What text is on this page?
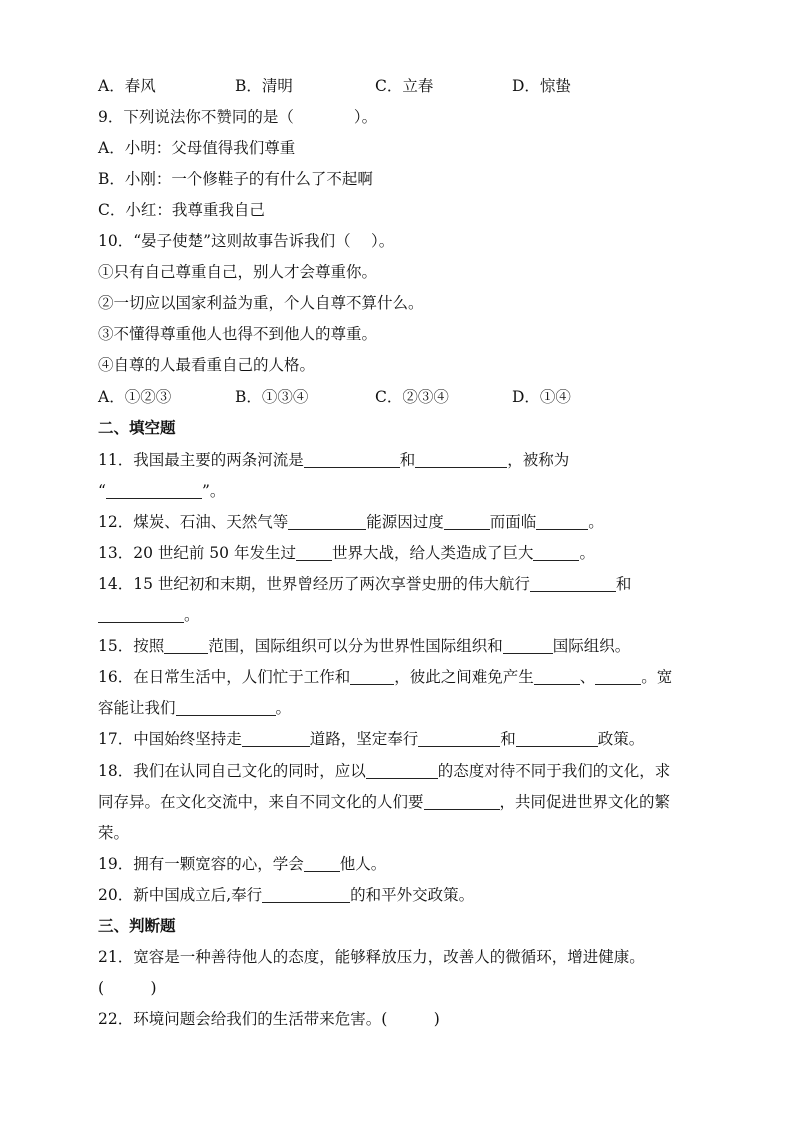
A．春风	B．清明	C．立春	D．惊蛰
9．下列说法你不赞同的是（	）。
A．小明：父母值得我们尊重
B．小刚：一个修鞋子的有什么了不起啊
C．小红：我尊重我自己
10．“晏子使楚”这则故事告诉我们（　 ）。
①只有自己尊重自己，别人才会尊重你。
②一切应以国家利益为重，个人自尊不算什么。
③不懂得尊重他人也得不到他人的尊重。
④自尊的人最看重自己的人格。
A．①②③	B．①③④	C．②③④	D．①④
二、填空题
11．我国最主要的两条河流是	和	，被称为
“	”。
12．煤炭、石油、天然气等	能源因过度	而面临	。
13．20 世纪前 50 年发生过 世界大战，给人类造成了巨大	。
14．15 世纪初和末期，世界曾经历了两次享誉史册的伟大航行	和
。
15．按照	范围，国际组织可以分为世界性国际组织和	国际组织。
16．在日常生活中，人们忙于工作和	，彼此之间难免产生	、	。宽
容能让我们	。
17．中国始终坚持走	道路，坚定奉行	和	政策。
18．我们在认同自己文化的同时，应以	的态度对待不同于我们的文化，求
同存异。在文化交流中，来自不同文化的人们要	，共同促进世界文化的繁
荣。
19．拥有一颗宽容的心，学会 他人。
20．新中国成立后,奉行	的和平外交政策。
三、判断题
21．宽容是一种善待他人的态度，能够释放压力，改善人的微循环，增进健康。
(　　　)
22．环境问题会给我们的生活带来危害。(　　　)
